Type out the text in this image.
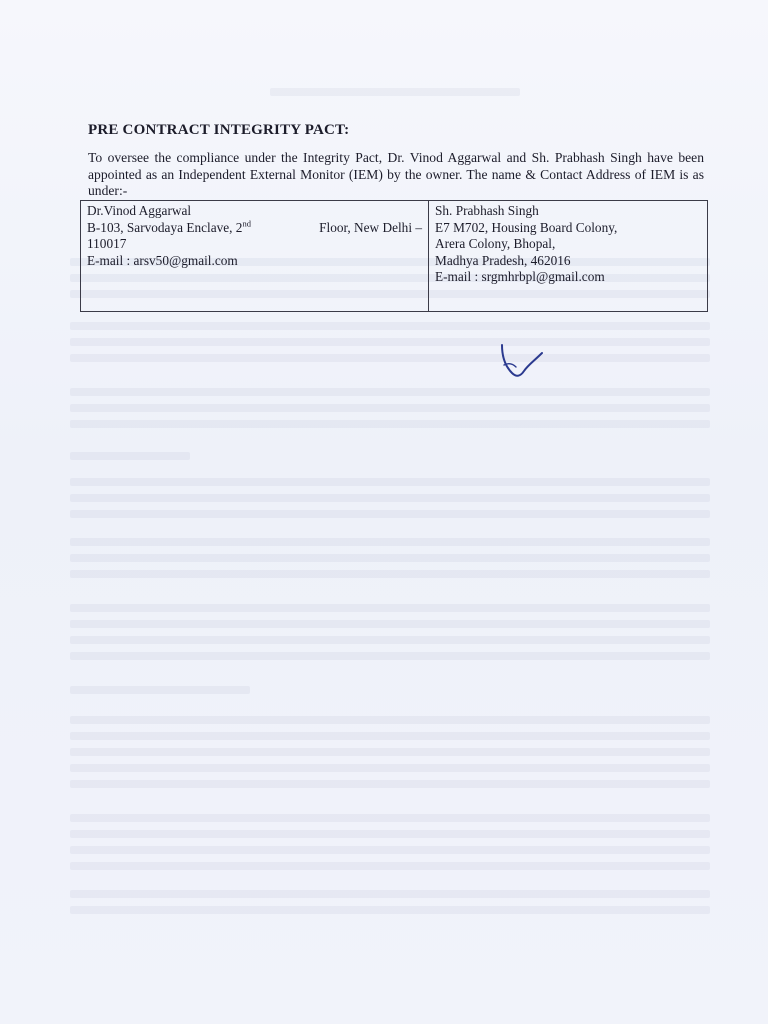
PRE CONTRACT INTEGRITY PACT:

To oversee the compliance under the Integrity Pact, Dr. Vinod Aggarwal and Sh. Prabhash Singh have been appointed as an Independent External Monitor (IEM) by the owner. The name & Contact Address of IEM is as under:-

Dr.Vinod Aggarwal
B-103, Sarvodaya Enclave, 2nd	Floor, New Delhi –
110017
E-mail : arsv50@gmail.com

Sh. Prabhash Singh
E7 M702, Housing Board Colony,
Arera Colony, Bhopal,
Madhya Pradesh, 462016
E-mail : srgmhrbpl@gmail.com
